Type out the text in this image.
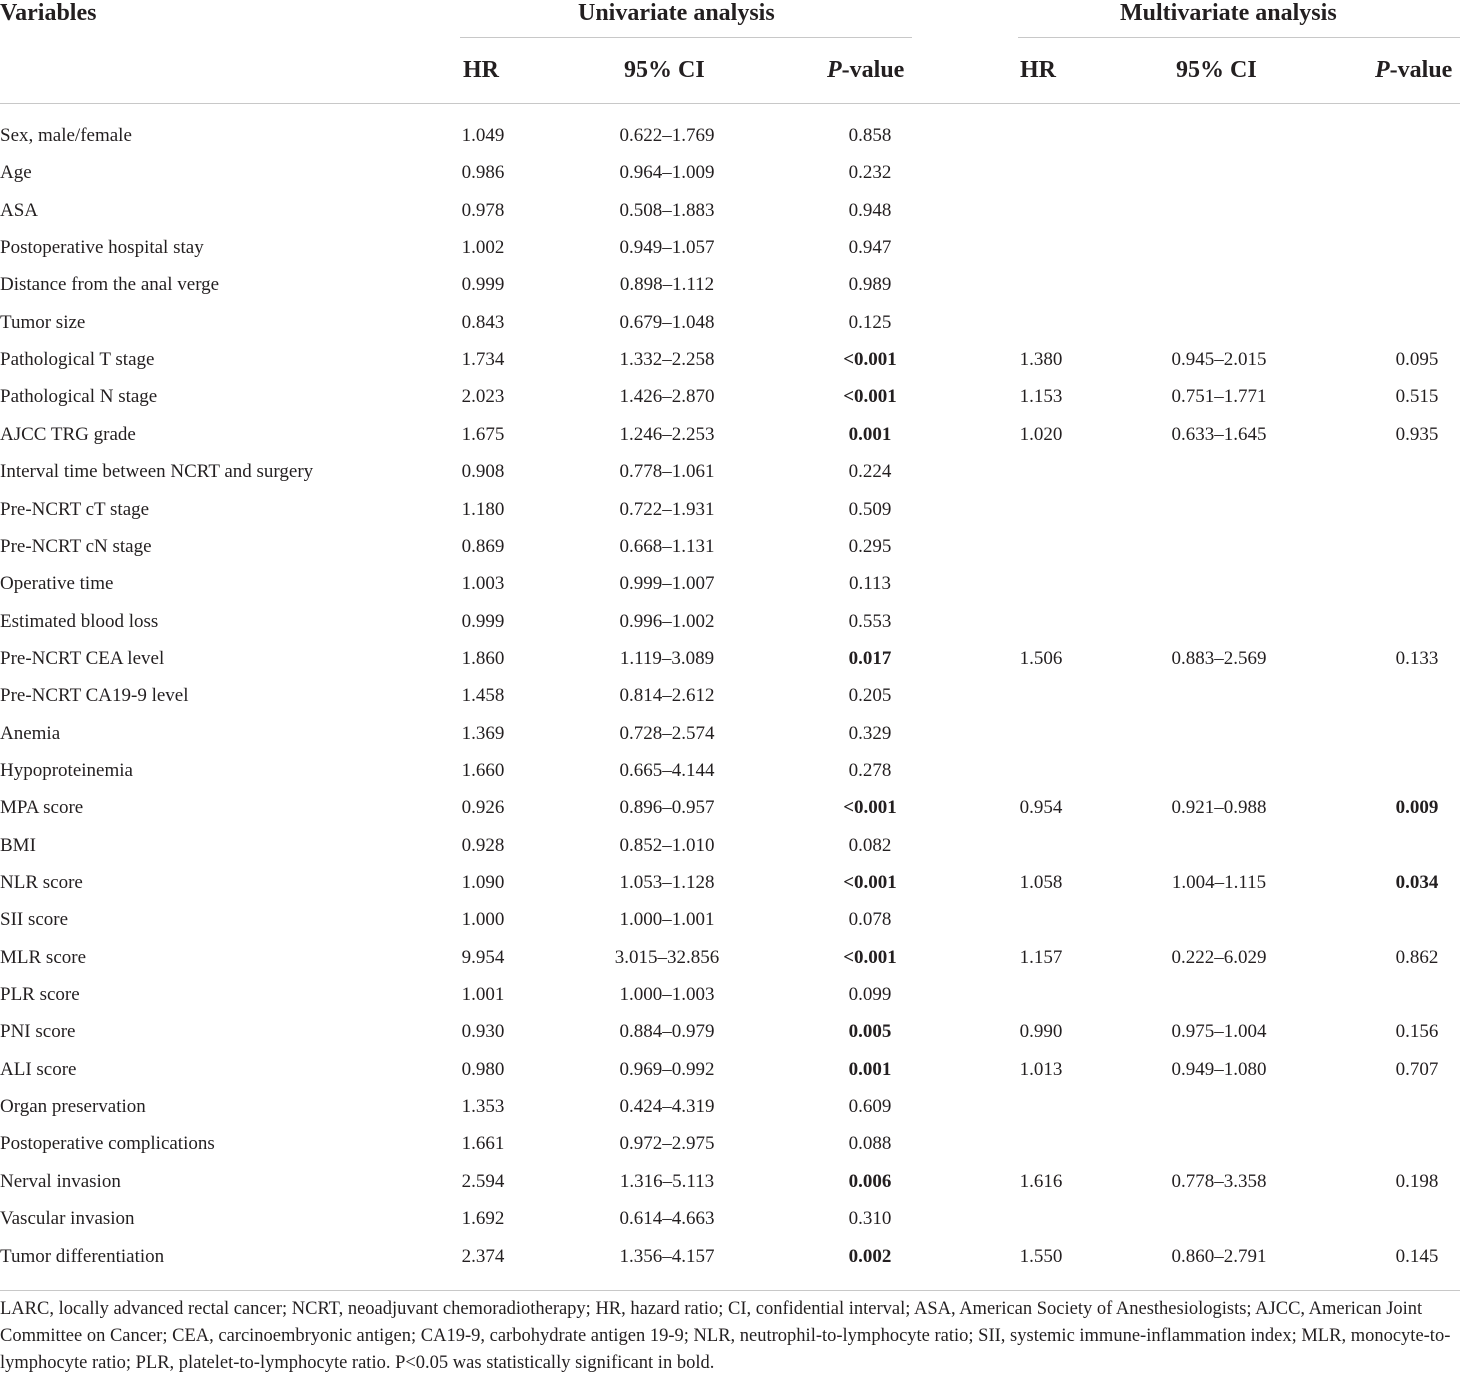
Variables	Univariate analysis	Multivariate analysis
HR	95% CI	P-value	HR	95% CI	P-value
Sex, male/female	1.049	0.622–1.769	0.858
Age	0.986	0.964–1.009	0.232
ASA	0.978	0.508–1.883	0.948
Postoperative hospital stay	1.002	0.949–1.057	0.947
Distance from the anal verge	0.999	0.898–1.112	0.989
Tumor size	0.843	0.679–1.048	0.125
Pathological T stage	1.734	1.332–2.258	<0.001	1.380	0.945–2.015	0.095
Pathological N stage	2.023	1.426–2.870	<0.001	1.153	0.751–1.771	0.515
AJCC TRG grade	1.675	1.246–2.253	0.001	1.020	0.633–1.645	0.935
Interval time between NCRT and surgery	0.908	0.778–1.061	0.224
Pre-NCRT cT stage	1.180	0.722–1.931	0.509
Pre-NCRT cN stage	0.869	0.668–1.131	0.295
Operative time	1.003	0.999–1.007	0.113
Estimated blood loss	0.999	0.996–1.002	0.553
Pre-NCRT CEA level	1.860	1.119–3.089	0.017	1.506	0.883–2.569	0.133
Pre-NCRT CA19-9 level	1.458	0.814–2.612	0.205
Anemia	1.369	0.728–2.574	0.329
Hypoproteinemia	1.660	0.665–4.144	0.278
MPA score	0.926	0.896–0.957	<0.001	0.954	0.921–0.988	0.009
BMI	0.928	0.852–1.010	0.082
NLR score	1.090	1.053–1.128	<0.001	1.058	1.004–1.115	0.034
SII score	1.000	1.000–1.001	0.078
MLR score	9.954	3.015–32.856	<0.001	1.157	0.222–6.029	0.862
PLR score	1.001	1.000–1.003	0.099
PNI score	0.930	0.884–0.979	0.005	0.990	0.975–1.004	0.156
ALI score	0.980	0.969–0.992	0.001	1.013	0.949–1.080	0.707
Organ preservation	1.353	0.424–4.319	0.609
Postoperative complications	1.661	0.972–2.975	0.088
Nerval invasion	2.594	1.316–5.113	0.006	1.616	0.778–3.358	0.198
Vascular invasion	1.692	0.614–4.663	0.310
Tumor differentiation	2.374	1.356–4.157	0.002	1.550	0.860–2.791	0.145
LARC, locally advanced rectal cancer; NCRT, neoadjuvant chemoradiotherapy; HR, hazard ratio; CI, confidential interval; ASA, American Society of Anesthesiologists; AJCC, American Joint Committee on Cancer; CEA, carcinoembryonic antigen; CA19-9, carbohydrate antigen 19-9; NLR, neutrophil-to-lymphocyte ratio; SII, systemic immune-inflammation index; MLR, monocyte-to-lymphocyte ratio; PLR, platelet-to-lymphocyte ratio. P<0.05 was statistically significant in bold.
